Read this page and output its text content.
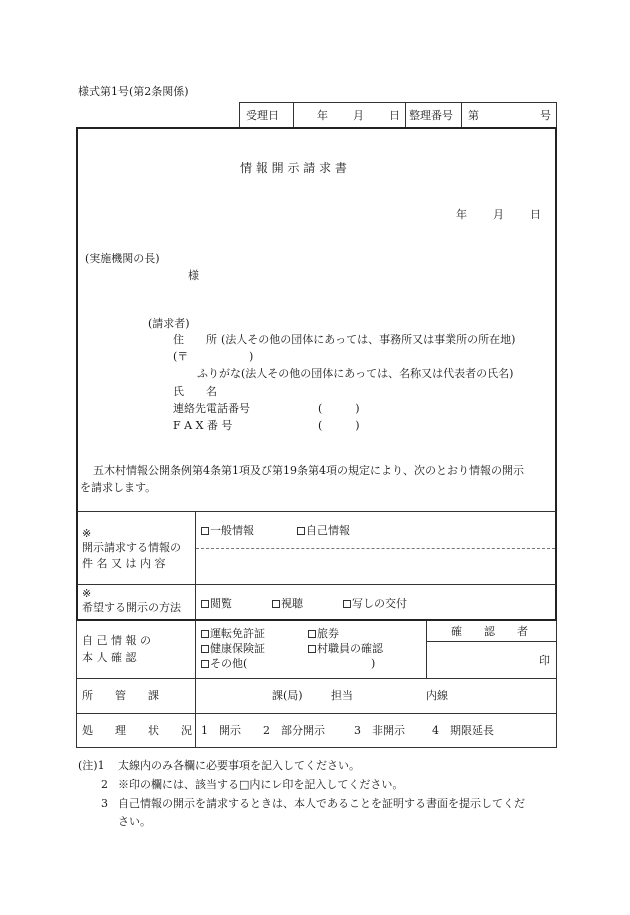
様式第1号(第2条関係)
受理日	年 月 日 整理番号 第	号
情 報 開 示 請 求 書
年 月 日
(実施機関の長)
様
(請求者)
住　　所 (法人その他の団体にあっては、事務所又は事業所の所在地)
(〒	)
ふりがな(法人その他の団体にあっては、名称又は代表者の氏名)
氏　　名
連絡先電話番号	(　　　)
F A X 番 号	(　　　)
五木村情報公開条例第4条第1項及び第19条第4項の規定により、次のとおり情報の開示
を請求します。
※
開示請求する情報の
件 名 又 は 内 容
一般情報	自己情報
※
希望する開示の方法	閲覧	視聴	写しの交付
自 己 情 報 の
本 人 確 認
運転免許証	旅券
健康保険証	村職員の確認
その他(	)
確　　認　　者
印
所　　管　　課	課(局)	担当	内線
処　　理　　状　　況 1　開示 2　部分開示	3　非開示 4　期限延長
(注)1 太線内のみ各欄に必要事項を記入してください。
2 ※印の欄には、該当する□内にレ印を記入してください。
3 自己情報の開示を請求するときは、本人であることを証明する書面を提示してくだ
さい。
